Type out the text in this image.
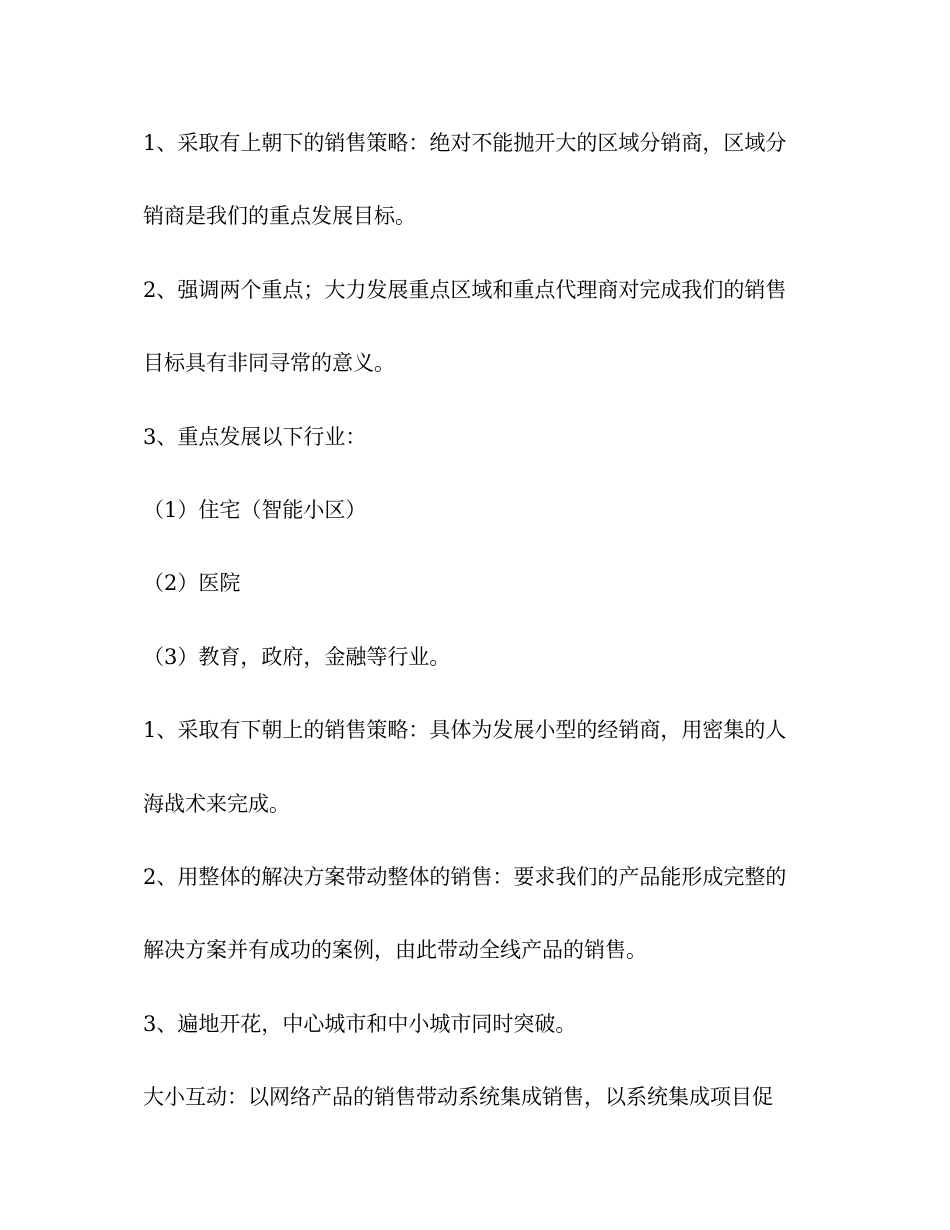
1、采取有上朝下的销售策略：绝对不能抛开大的区域分销商，区域分
销商是我们的重点发展目标。
2、强调两个重点；大力发展重点区域和重点代理商对完成我们的销售
目标具有非同寻常的意义。
3、重点发展以下行业：
（1）住宅（智能小区）
（2）医院
（3）教育，政府，金融等行业。
1、采取有下朝上的销售策略：具体为发展小型的经销商，用密集的人
海战术来完成。
2、用整体的解决方案带动整体的销售：要求我们的产品能形成完整的
解决方案并有成功的案例，由此带动全线产品的销售。
3、遍地开花，中心城市和中小城市同时突破。
大小互动：以网络产品的销售带动系统集成销售，以系统集成项目促
